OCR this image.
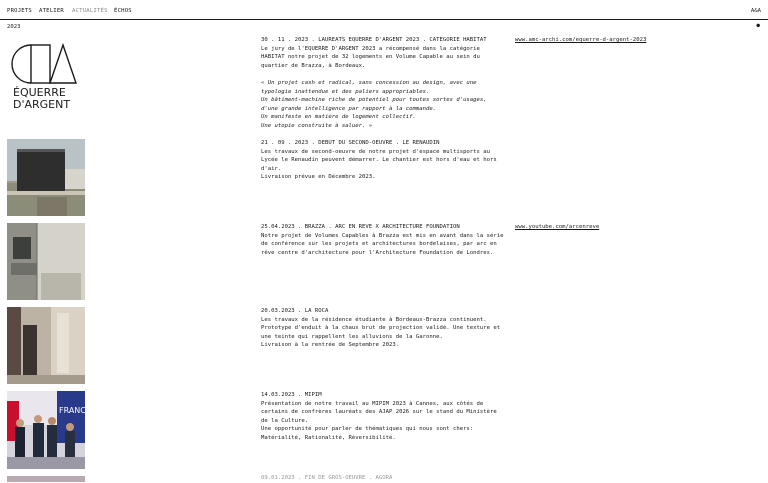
PROJETS ATELIER ACTUALITÉS ÉCHOS	A&A
2023	●
ÉQUERRE
D'ARGENT
30 . 11 . 2023 . LAUREATS EQUERRE D'ARGENT 2023 . CATEGORIE HABITAT

Le jury de l'EQUERRE D'ARGENT 2023 a récompensé dans la catégorie

HABITAT notre projet de 32 logements en Volume Capable au sein du

quartier de Brazza, à Bordeaux.

« Un projet cash et radical, sans concession au design, avec une

typologie inattendue et des paliers appropriables.

Un bâtiment-machine riche de potentiel pour toutes sortes d'usages,

d'une grande intelligence par rapport à la commande.

Un manifeste en matière de logement collectif.

Une utopie construite à saluer. »

www.amc-archi.com/equerre-d-argent-2023
21 . 09 . 2023 . DEBUT DU SECOND-OEUVRE . LE RENAUDIN

Les travaux de second-oeuvre de notre projet d'espace multisports au

Lycée le Renaudin peuvent démarrer. Le chantier est hors d'eau et hors

d'air.

Livraison prévue en Décembre 2023.

25.04.2023 . BRAZZA . ARC EN REVE X ARCHITECTURE FOUNDATION

Notre projet de Volumes Capables à Brazza est mis en avant dans la série

de conférence sur les projets et architectures bordelaises, par arc en

rêve centre d'architecture pour l'Architecture Foundation de Londres.

www.youtube.com/arcenreve
20.03.2023 . LA ROCA

Les travaux de la résidence étudiante à Bordeaux-Brazza continuent.

Prototype d'enduit à la chaux brut de projection validé. Une texture et

une teinte qui rappellent les alluvions de la Garonne.

Livraison à la rentrée de Septembre 2023.

FRANCE
14.03.2023 . MIPIM

Présentation de notre travail au MIPIM 2023 à Cannes, aux côtés de

certains de confrères lauréats des AJAP 2026 sur le stand du Ministère

de la Culture.

Une opportunité pour parler de thématiques qui nous sont chers:

Matérialité, Rationalité, Réversibilité.

09.01.2023 . FIN DE GROS-OEUVRE . AGORA
